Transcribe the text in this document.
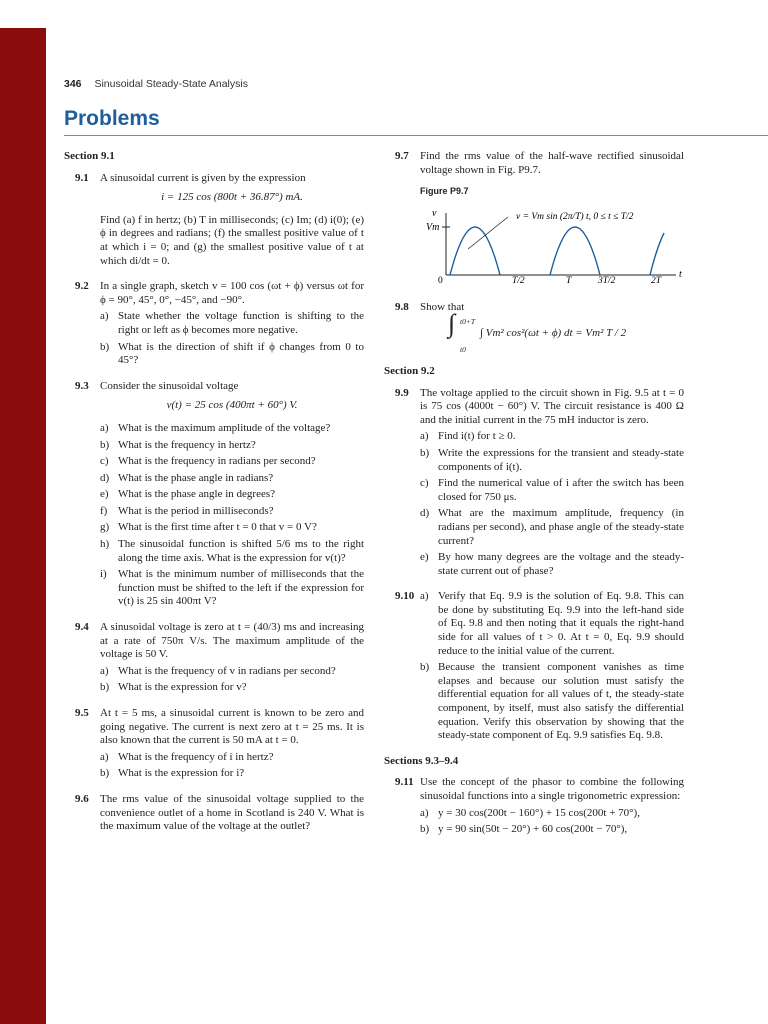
346 Sinusoidal Steady-State Analysis
Problems
Section 9.1
9.1 A sinusoidal current is given by the expression

i = 125 cos (800t + 36.87°) mA.

Find (a) f in hertz; (b) T in milliseconds; (c) Im; (d) i(0); (e) ϕ in degrees and radians; (f) the smallest positive value of t at which i = 0; and (g) the smallest positive value of t at which di/dt = 0.

9.2 In a single graph, sketch v = 100 cos (ωt + ϕ) versus ωt for ϕ = 90°, 45°, 0°, −45°, and −90°.

a) State whether the voltage function is shifting to the right or left as ϕ becomes more negative.
b) What is the direction of shift if ϕ changes from 0 to 45°?
9.3 Consider the sinusoidal voltage

v(t) = 25 cos (400πt + 60°) V.
a) What is the maximum amplitude of the voltage?
b) What is the frequency in hertz?
c) What is the frequency in radians per second?
d) What is the phase angle in radians?
e) What is the phase angle in degrees?
f) What is the period in milliseconds?
g) What is the first time after t = 0 that v = 0 V?
h) The sinusoidal function is shifted 5/6 ms to the right along the time axis. What is the expression for v(t)?
i) What is the minimum number of milliseconds that the function must be shifted to the left if the expression for v(t) is 25 sin 400πt V?
9.4 A sinusoidal voltage is zero at t = (40/3) ms and increasing at a rate of 750π V/s. The maximum amplitude of the voltage is 50 V.

a) What is the frequency of v in radians per second?
b) What is the expression for v?
9.5 At t = 5 ms, a sinusoidal current is known to be zero and going negative. The current is next zero at t = 25 ms. It is also known that the current is 50 mA at t = 0.

a) What is the frequency of i in hertz?
b) What is the expression for i?
9.6 The rms value of the sinusoidal voltage supplied to the convenience outlet of a home in Scotland is 240 V. What is the maximum value of the voltage at the outlet?

9.7 Find the rms value of the half-wave rectified sinusoidal voltage shown in Fig. P9.7.

Figure P9.7
v
Vm
t
v = Vm sin (2π/T) t, 0 ≤ t ≤ T/2
0	T/2	T	3T/2	2T
9.8 Show that

∫ t0+T
t0
∫ Vm² cos²(ωt + ϕ) dt = Vm² T / 2
Section 9.2
9.9 The voltage applied to the circuit shown in Fig. 9.5 at t = 0 is 75 cos (4000t − 60°) V. The circuit resistance is 400 Ω and the initial current in the 75 mH inductor is zero.

a) Find i(t) for t ≥ 0.
b) Write the expressions for the transient and steady-state components of i(t).
c) Find the numerical value of i after the switch has been closed for 750 μs.
d) What are the maximum amplitude, frequency (in radians per second), and phase angle of the steady-state current?
e) By how many degrees are the voltage and the steady-state current out of phase?
9.10 a) Verify that Eq. 9.9 is the solution of Eq. 9.8. This can be done by substituting Eq. 9.9 into the left-hand side of Eq. 9.8 and then noting that it equals the right-hand side for all values of t > 0. At t = 0, Eq. 9.9 should reduce to the initial value of the current.
b) Because the transient component vanishes as time elapses and because our solution must satisfy the differential equation for all values of t, the steady-state component, by itself, must also satisfy the differential equation. Verify this observation by showing that the steady-state component of Eq. 9.9 satisfies Eq. 9.8.
Sections 9.3–9.4
9.11 Use the concept of the phasor to combine the following sinusoidal functions into a single trigonometric expression:

a) y = 30 cos(200t − 160°) + 15 cos(200t + 70°),
b) y = 90 sin(50t − 20°) + 60 cos(200t − 70°),
